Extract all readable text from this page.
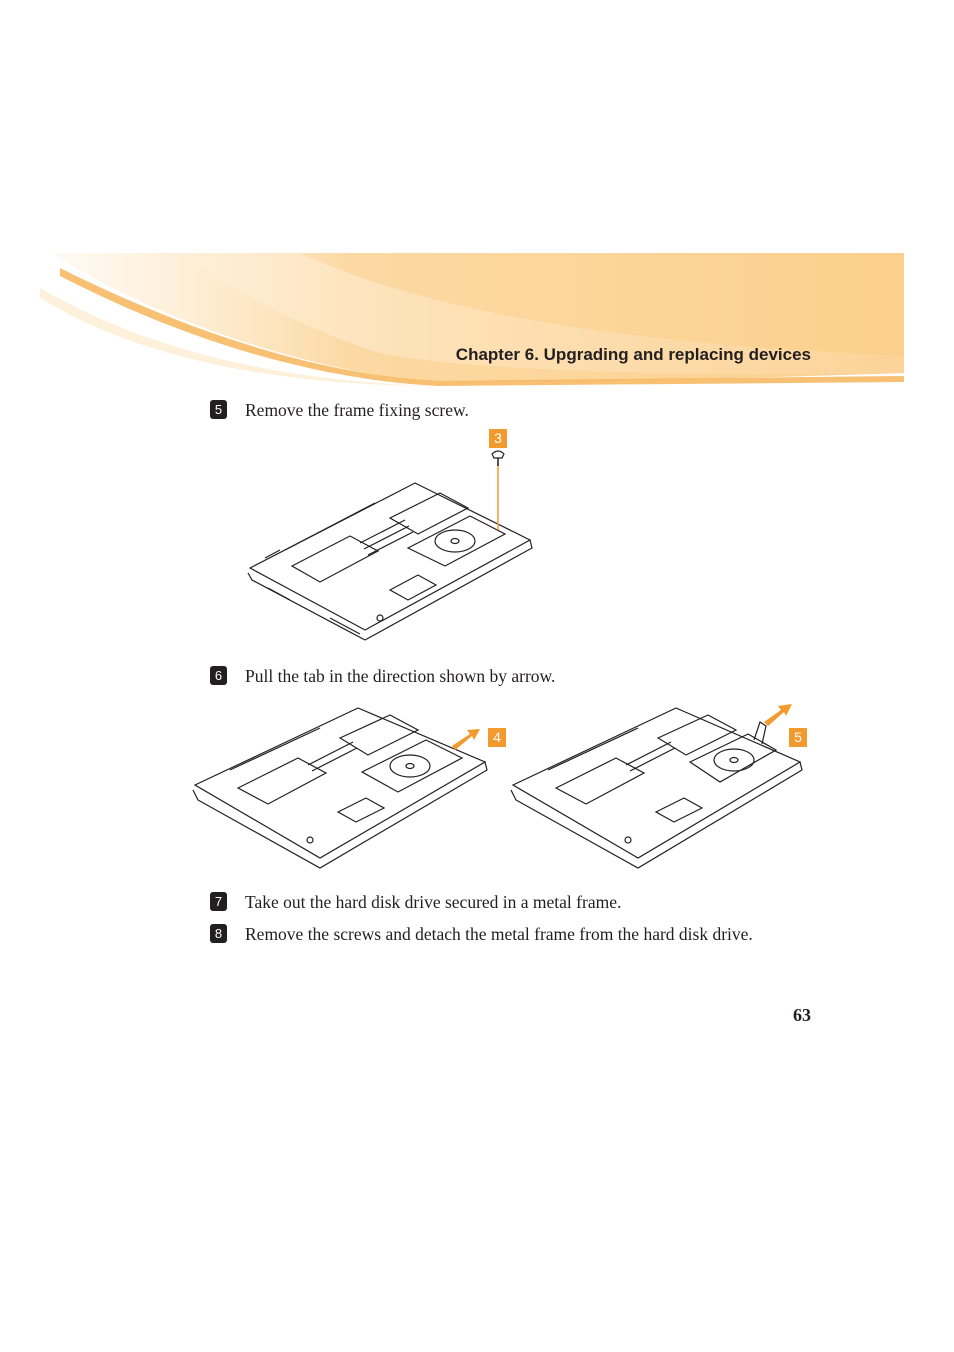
Chapter 6. Upgrading and replacing devices
5 Remove the frame fixing screw.
3
6 Pull the tab in the direction shown by arrow.
4	5
7 Take out the hard disk drive secured in a metal frame.
8 Remove the screws and detach the metal frame from the hard disk drive.
63
